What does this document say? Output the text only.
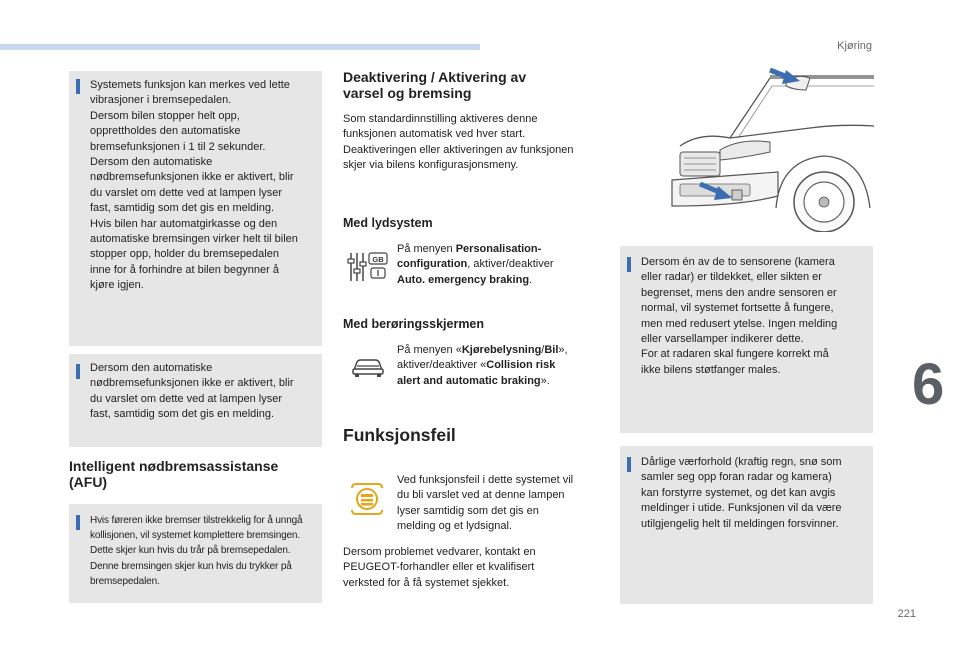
Kjøring
6
221

Systemets funksjon kan merkes ved lette

vibrasjoner i bremsepedalen.

Dersom bilen stopper helt opp,

opprettholdes den automatiske

bremsefunksjonen i 1 til 2 sekunder.

Dersom den automatiske

nødbremsefunksjonen ikke er aktivert, blir

du varslet om dette ved at lampen lyser

fast, samtidig som det gis en melding.

Hvis bilen har automatgirkasse og den

automatiske bremsingen virker helt til bilen

stopper opp, holder du bremsepedalen

inne for å forhindre at bilen begynner å

kjøre igjen.

Dersom den automatiske

nødbremsefunksjonen ikke er aktivert, blir

du varslet om dette ved at lampen lyser

fast, samtidig som det gis en melding.

Intelligent nødbremsassistanse
(AFU)

Hvis føreren ikke bremser tilstrekkelig for å unngå

kollisjonen, vil systemet komplettere bremsingen.

Dette skjer kun hvis du trår på bremsepedalen.

Denne bremsingen skjer kun hvis du trykker på

bremsepedalen.

Deaktivering / Aktivering av
varsel og bremsing

Som standardinnstilling aktiveres denne

funksjonen automatisk ved hver start.

Deaktiveringen eller aktiveringen av funksjonen

skjer via bilens konfigurasjonsmeny.

Med lydsystem
GB

På menyen Personalisation-

configuration, aktiver/deaktiver

Auto. emergency braking.

Med berøringsskjermen

På menyen «Kjørebelysning/Bil»,

aktiver/deaktiver «Collision risk

alert and automatic braking».

Funksjonsfeil

Ved funksjonsfeil i dette systemet vil

du bli varslet ved at denne lampen

lyser samtidig som det gis en

melding og et lydsignal.

Dersom problemet vedvarer, kontakt en

PEUGEOT-forhandler eller et kvalifisert

verksted for å få systemet sjekket.

Dersom én av de to sensorene (kamera

eller radar) er tildekket, eller sikten er

begrenset, mens den andre sensoren er

normal, vil systemet fortsette å fungere,

men med redusert ytelse. Ingen melding

eller varsellamper indikerer dette.

For at radaren skal fungere korrekt må

ikke bilens støtfanger males.

Dårlige værforhold (kraftig regn, snø som

samler seg opp foran radar og kamera)

kan forstyrre systemet, og det kan avgis

meldinger i utide. Funksjonen vil da være

utilgjengelig helt til meldingen forsvinner.
